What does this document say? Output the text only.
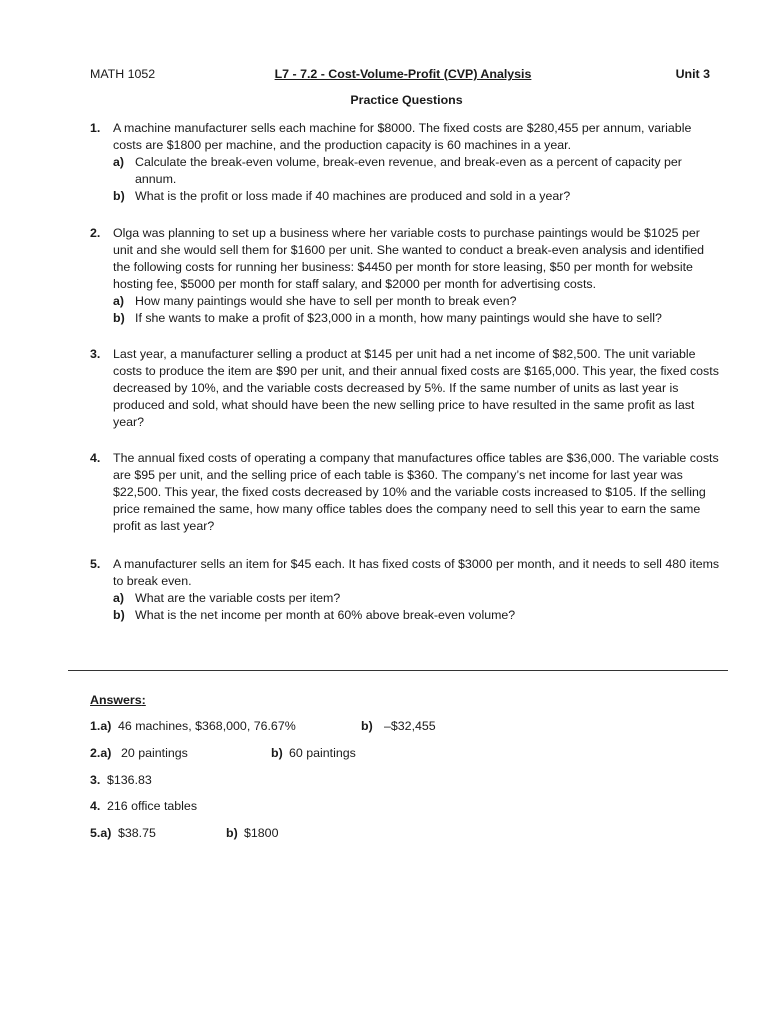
MATH 1052	L7 - 7.2 - Cost-Volume-Profit (CVP) Analysis	Unit 3
Practice Questions
1. A machine manufacturer sells each machine for $8000. The fixed costs are $280,455 per annum, variable costs are $1800 per machine, and the production capacity is 60 machines in a year.
a) Calculate the break-even volume, break-even revenue, and break-even as a percent of capacity per annum.
b) What is the profit or loss made if 40 machines are produced and sold in a year?
2. Olga was planning to set up a business where her variable costs to purchase paintings would be $1025 per unit and she would sell them for $1600 per unit. She wanted to conduct a break-even analysis and identified the following costs for running her business: $4450 per month for store leasing, $50 per month for website hosting fee, $5000 per month for staff salary, and $2000 per month for advertising costs.
a) How many paintings would she have to sell per month to break even?
b) If she wants to make a profit of $23,000 in a month, how many paintings would she have to sell?
3. Last year, a manufacturer selling a product at $145 per unit had a net income of $82,500. The unit variable costs to produce the item are $90 per unit, and their annual fixed costs are $165,000. This year, the fixed costs decreased by 10%, and the variable costs decreased by 5%. If the same number of units as last year is produced and sold, what should have been the new selling price to have resulted in the same profit as last year?
4. The annual fixed costs of operating a company that manufactures office tables are $36,000. The variable costs are $95 per unit, and the selling price of each table is $360. The company’s net income for last year was $22,500. This year, the fixed costs decreased by 10% and the variable costs increased to $105. If the selling price remained the same, how many office tables does the company need to sell this year to earn the same profit as last year?
5. A manufacturer sells an item for $45 each. It has fixed costs of $3000 per month, and it needs to sell 480 items to break even.
a) What are the variable costs per item?
b) What is the net income per month at 60% above break-even volume?
Answers:
1.a) 46 machines, $368,000, 76.67%	b) –$32,455
2.a) 20 paintings	b) 60 paintings
3. $136.83
4. 216 office tables
5.a) $38.75	b) $1800
